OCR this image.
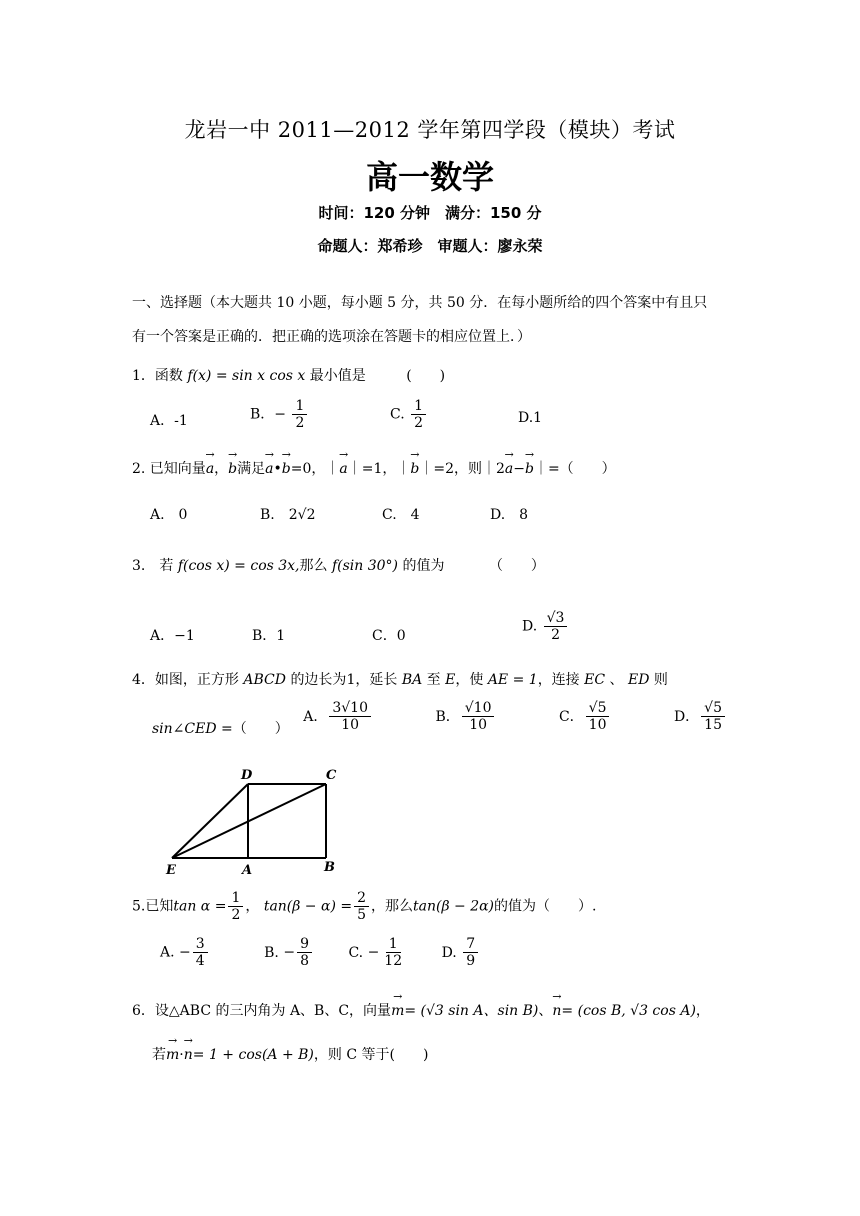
龙岩一中 2011—2012 学年第四学段（模块）考试
高一数学
时间：120 分钟　满分：150 分
命题人：郑希珍　审题人：廖永荣
一、选择题（本大题共 10 小题，每小题 5 分，共 50 分．在每小题所给的四个答案中有且只
有一个答案是正确的．把正确的选项涂在答题卡的相应位置上．）
1．函数 f(x) = sin x cos x 最小值是	(　　)
A．-1	B．− $\frac{1}{2}$	C. $\frac{1}{2}$	D.1
2. 已知向量→ a，→ b满足→ a•→ b=0，｜→ a｜=1，｜→ b｜=2，则｜2→ a−→ b｜=（　　）
A.　0	B.　 2√2	C.　4	D.　8
3.　若 f(cos x) = cos 3x,那么 f(sin 30°) 的值为	（　　）
A．−1	B．1	C．0
D. $\frac{√3}{2}$
4．如图，正方形 ABCD 的边长为1，延长 BA 至 E，使 AE = 1，连接 EC 、 ED 则
sin∠CED =（　　） A． $\frac{3√10}{10}$	B． $\frac{√10}{10}$	C． $\frac{√5}{10}$	D． $\frac{√5}{15}$
D	C
E	A	B
5.已知$\tan \alpha = \frac{1}{2}$ ， $\tan(\beta - \alpha) = \frac{2}{5}$ ，那么tan(β − 2α)的值为（　　）.
A. − $\frac{3}{4}$	B. − $\frac{9}{8}$	C. − $\frac{1}{12}$	D. $\frac{7}{9}$
6．设△ABC 的三内角为 A、B、C，向量→ m= (√3 sin A、sin B)、→ n= (cos B, √3 cos A)，
若→ m·→ n= 1 + cos(A + B)，则 C 等于(　　)
